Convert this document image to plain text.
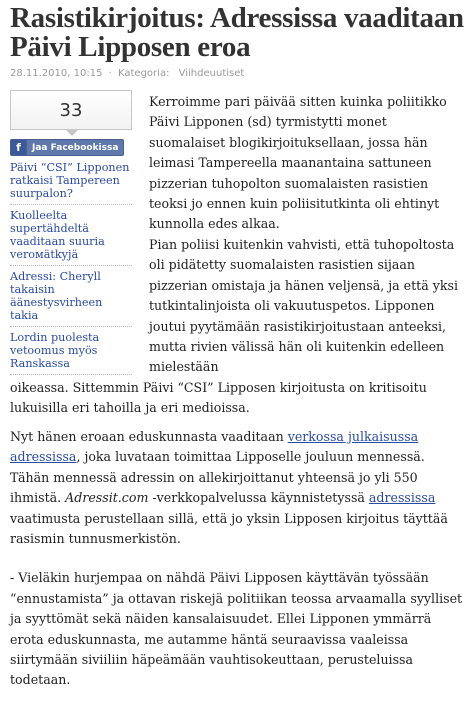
Rasistikirjoitus: Adressissa vaaditaan Päivi Lipposen eroa
28.11.2010, 10:15 · Kategoria: Viihdeuutiset
33
f	Jaa Facebookissa
Päivi “CSI” Lipponen ratkaisi Tampereen suurpalon?
Kuolleelta supertähdeltä vaaditaan suuria verомätkyjä
Adressi: Cheryll takaisin äänestysvirheen takia
Lordin puolesta vetoomus myös Ranskassa

Kerroimme pari päivää sitten kuinka poliitikko Päivi Lipponen (sd) tyrmistytti monet suomalaiset blogikirjoituksellaan, jossa hän leimasi Tampereella maanantaina sattuneen pizzerian tuhopolton suomalaisten rasistien teoksi jo ennen kuin poliisitutkinta oli ehtinyt kunnolla edes alkaa.

Pian poliisi kuitenkin vahvisti, että tuhopoltosta oli pidätetty suomalaisten rasistien sijaan pizzerian omistaja ja hänen veljensä, ja että yksi tutkintalinjoista oli vakuutuspetos. Lipponen joutui pyytämään rasistikirjoitustaan anteeksi, mutta rivien välissä hän oli kuitenkin edelleen mielestään

oikeassa. Sittemmin Päivi “CSI” Lipposen kirjoitusta on kritisoitu lukuisilla eri tahoilla ja eri medioissa.

Nyt hänen eroaan eduskunnasta vaaditaan verkossa julkaisussa adressissa, joka luvataan toimittaa Lipposelle jouluun mennessä. Tähän mennessä adressin on allekirjoittanut yhteensä jo yli 550 ihmistä. Adressit.com -verkkopalvelussa käynnistetyssä adressissa vaatimusta perustellaan sillä, että jo yksin Lipposen kirjoitus täyttää rasismin tunnusmerkistön.

- Vieläkin hurjempaa on nähdä Päivi Lipposen käyttävän työssään “ennustamista” ja ottavan riskejä politiikan teossa arvaamalla syylliset ja syyttömät sekä näiden kansalaisuudet. Ellei Lipponen ymmärrä erota eduskunnasta, me autamme häntä seuraavissa vaaleissa siirtymään siviiliin häpeämään vauhtisokeuttaan, perusteluissa todetaan.
